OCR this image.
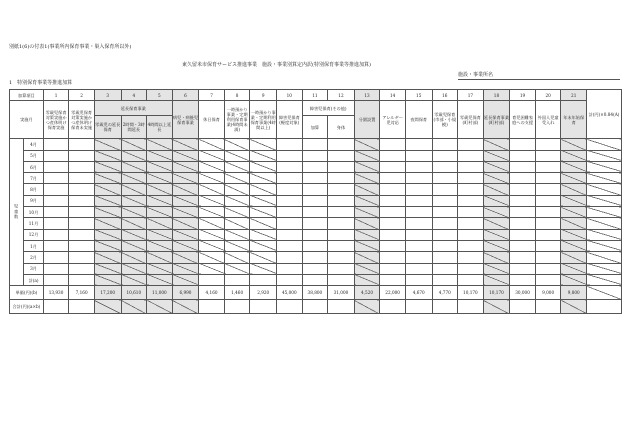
別紙1(6)の付表1(事業所内保育事業・巣入保育所以外)
東久留米市保育サービス推進事業　施設・事業別算定内訳(特別保育事業等推進加算)
施設・事業所名
1　特別保育事業等推進加算
加算項目		1	2	3	4	5	6	7	8	9	10	11	12	13	14	15	16	17	18	19	20	21	計(円)×0.84(A)
実施月		零歳児保育対策実施かつ産休明け保育実施	零歳児保育対策実施かつ産休明け保育未実施	延長保育事業			病児・病後児保育事業	休日保育	一時預かり事業・定期利用保育事業(4時間未満)	一時預かり事業・定期利用保育事業(4時間以上)	障害児保育(軽度対象)	障害児保育(その他)		分園設置	アレルギー児対応	夜間保育	零歳児保育(市部・小規模)	零歳児保育(町村部)	延長保育事業(町村部)	育児困難家庭への支援	外国人児童受入れ	年末年始保育	
				零歳児の延長保育	2時間・3時間延長	4時間以上延長						加算	身体										
児童数	4月																						
	5月																						
	6月																						
	7月																						
	8月																						
	9月																						
	10月																						
	11月																						
	12月																						
	1月																						
	2月																						
	3月																						
	計(a)																						
単価(円)(b)		13,930	7,160	17,200	10,610	11,000	6,990	4,160	1,460	2,920	45,000	38,800	31,000	4,520	22,000	4,670	4,770	10,170	10,170	30,000	9,000	9,800	
合計(円)(a×b)																							
